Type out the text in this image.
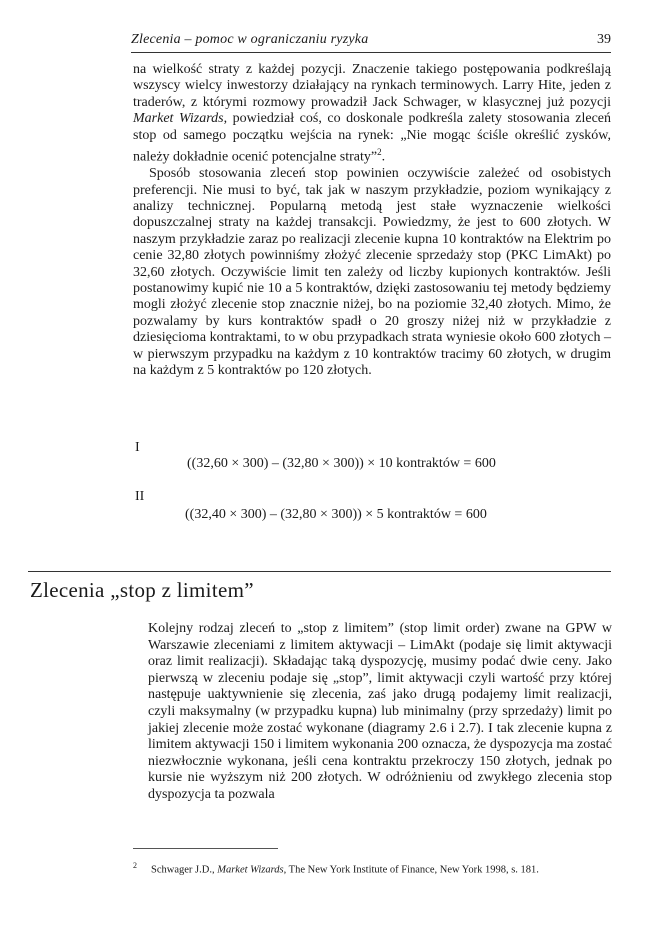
Zlecenia – pomoc w ograniczaniu ryzyka	39

na wielkość straty z każdej pozycji. Znaczenie takiego postępowania podkreślają wszyscy wielcy inwestorzy działający na rynkach terminowych. Larry Hite, jeden z traderów, z którymi rozmowy prowadził Jack Schwager, w klasycznej już pozycji Market Wizards, powiedział coś, co doskonale podkreśla zalety stosowania zleceń stop od samego początku wejścia na rynek: „Nie mogąc ściśle określić zysków, należy dokładnie ocenić potencjalne straty”$^2$.

Sposób stosowania zleceń stop powinien oczywiście zależeć od osobistych preferencji. Nie musi to być, tak jak w naszym przykładzie, poziom wynikający z analizy technicznej. Popularną metodą jest stałe wyznaczenie wielkości dopuszczalnej straty na każdej transakcji. Powiedzmy, że jest to 600 złotych. W naszym przykładzie zaraz po realizacji zlecenie kupna 10 kontraktów na Elektrim po cenie 32,80 złotych powinniśmy złożyć zlecenie sprzedaży stop (PKC LimAkt) po 32,60 złotych. Oczywiście limit ten zależy od liczby kupionych kontraktów. Jeśli postanowimy kupić nie 10 a 5 kontraktów, dzięki zastosowaniu tej metody będziemy mogli złożyć zlecenie stop znacznie niżej, bo na poziomie 32,40 złotych. Mimo, że pozwalamy by kurs kontraktów spadł o 20 groszy niżej niż w przykładzie z dziesięcioma kontraktami, to w obu przypadkach strata wyniesie około 600 złotych – w pierwszym przypadku na każdym z 10 kontraktów tracimy 60 złotych, w drugim na każdym z 5 kontraktów po 120 złotych.

I
((32,60 × 300) – (32,80 × 300)) × 10 kontraktów = 600
II
((32,40 × 300) – (32,80 × 300)) × 5 kontraktów = 600
Zlecenia „stop z limitem”

Kolejny rodzaj zleceń to „stop z limitem” (stop limit order) zwane na GPW w Warszawie zleceniami z limitem aktywacji – LimAkt (podaje się limit aktywacji oraz limit realizacji). Składając taką dyspozycję, musimy podać dwie ceny. Jako pierwszą w zleceniu podaje się „stop”, limit aktywacji czyli wartość przy której następuje uaktywnienie się zlecenia, zaś jako drugą podajemy limit realizacji, czyli maksymalny (w przypadku kupna) lub minimalny (przy sprzedaży) limit po jakiej zlecenie może zostać wykonane (diagramy 2.6 i 2.7). I tak zlecenie kupna z limitem aktywacji 150 i limitem wykonania 200 oznacza, że dyspozycja ma zostać niezwłocznie wykonana, jeśli cena kontraktu przekroczy 150 złotych, jednak po kursie nie wyższym niż 200 złotych. W odróżnieniu od zwykłego zlecenia stop dyspozycja ta pozwala

$^2$ Schwager J.D., Market Wizards, The New York Institute of Finance, New York 1998, s. 181.
